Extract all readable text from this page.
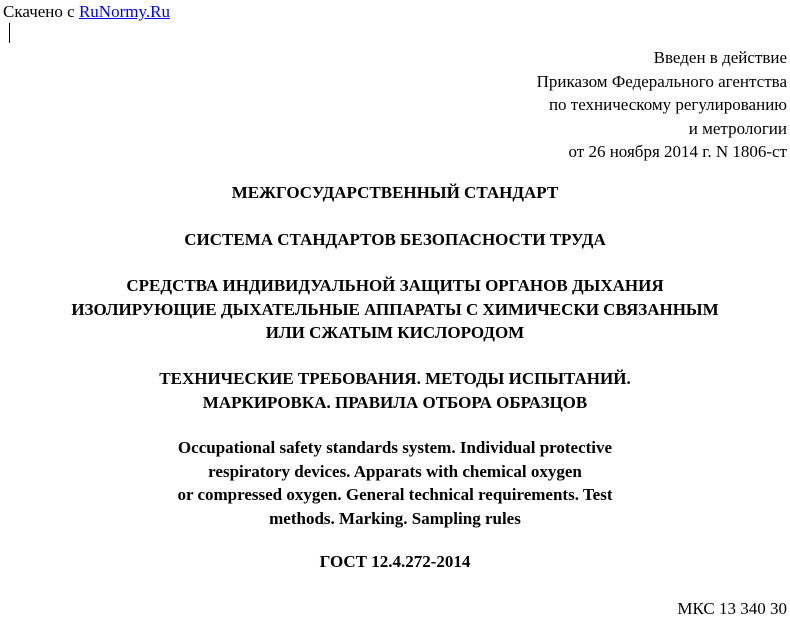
Скачено с RuNormy.Ru
Введен в действие
Приказом Федерального агентства
по техническому регулированию
и метрологии
от 26 ноября 2014 г. N 1806-ст
МЕЖГОСУДАРСТВЕННЫЙ СТАНДАРТ
СИСТЕМА СТАНДАРТОВ БЕЗОПАСНОСТИ ТРУДА
СРЕДСТВА ИНДИВИДУАЛЬНОЙ ЗАЩИТЫ ОРГАНОВ ДЫХАНИЯ
ИЗОЛИРУЮЩИЕ ДЫХАТЕЛЬНЫЕ АППАРАТЫ С ХИМИЧЕСКИ СВЯЗАННЫМ
ИЛИ СЖАТЫМ КИСЛОРОДОМ
ТЕХНИЧЕСКИЕ ТРЕБОВАНИЯ. МЕТОДЫ ИСПЫТАНИЙ.
МАРКИРОВКА. ПРАВИЛА ОТБОРА ОБРАЗЦОВ
Occupational safety standards system. Individual protective
respiratory devices. Apparats with chemical oxygen
or compressed oxygen. General technical requirements. Test
methods. Marking. Sampling rules
ГОСТ 12.4.272-2014
МКС 13 340 30
